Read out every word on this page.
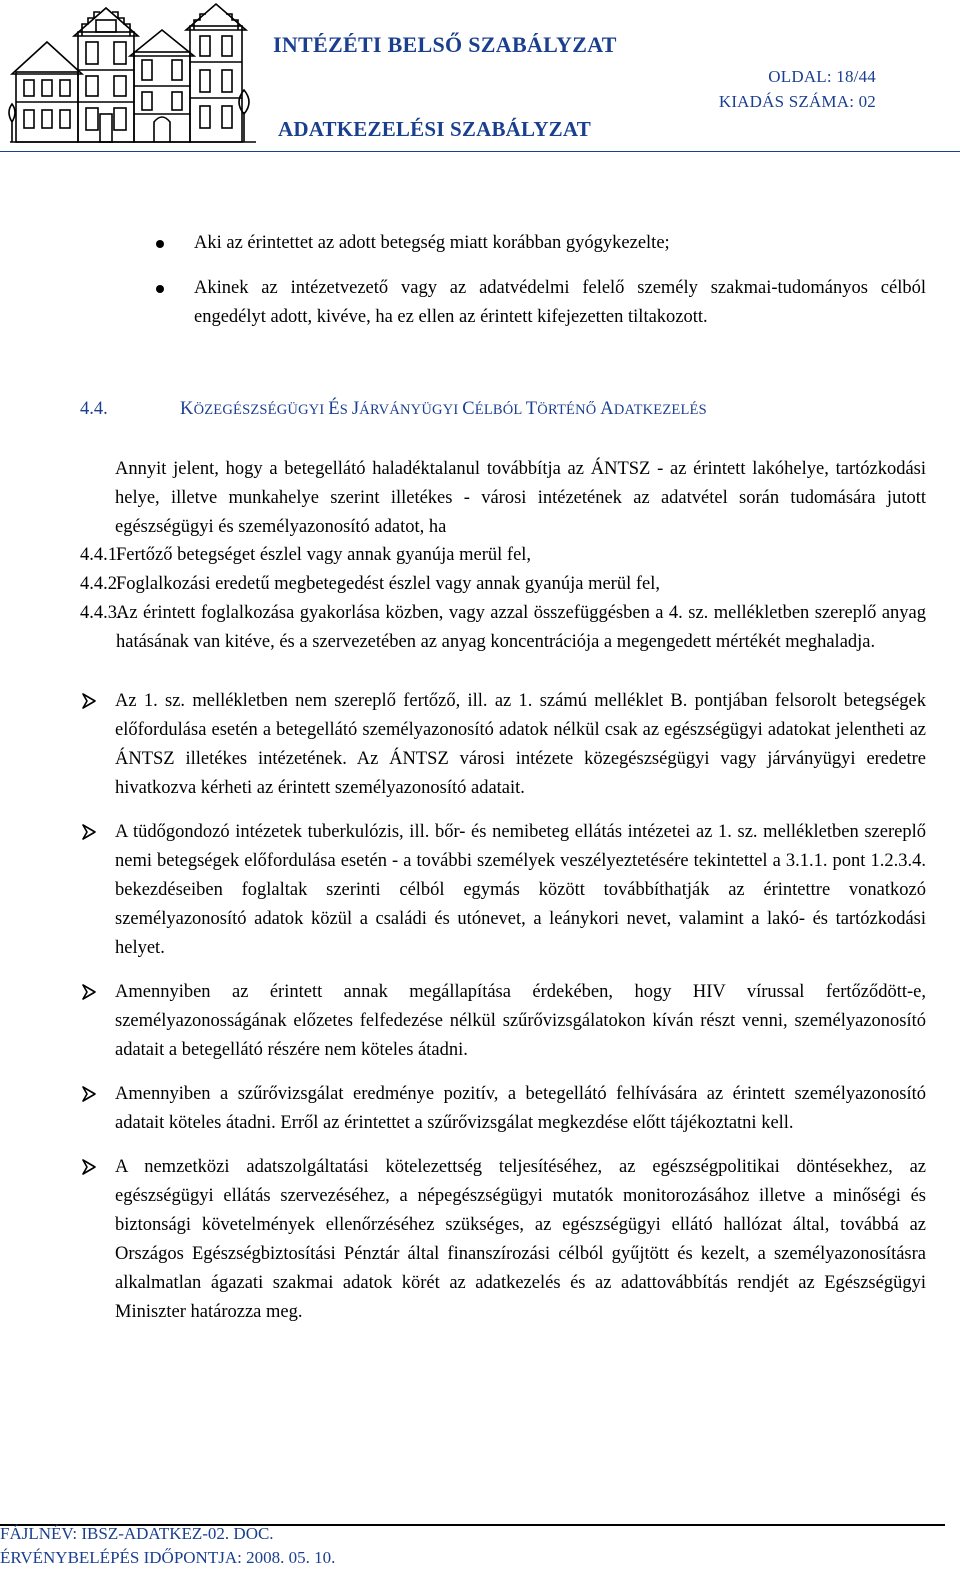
INTÉZÉTI BELSŐ SZABÁLYZAT
ADATKEZELÉSI SZABÁLYZAT
OLDAL: 18/44
KIADÁS SZÁMA: 02
Aki az érintettet az adott betegség miatt korábban gyógykezelte;
Akinek az intézetvezető vagy az adatvédelmi felelő személy szakmai-tudományos célból engedélyt adott, kivéve, ha ez ellen az érintett kifejezetten tiltakozott.
4.4.	KÖZEGÉSZSÉGÜGYI ÉS JÁRVÁNYÜGYI CÉLBÓL TÖRTÉNŐ ADATKEZELÉS

Annyit jelent, hogy a betegellátó haladéktalanul továbbítja az ÁNTSZ - az érintett lakóhelye, tartózkodási helye, illetve munkahelye szerint illetékes - városi intézetének az adatvétel során tudomására jutott egészségügyi és személyazonosító adatot, ha

4.4.1.
Fertőző betegséget észlel vagy annak gyanúja merül fel,
4.4.2.
Foglalkozási eredetű megbetegedést észlel vagy annak gyanúja merül fel,
4.4.3.
Az érintett foglalkozása gyakorlása közben, vagy azzal összefüggésben a 4. sz. mellékletben szereplő anyag hatásának van kitéve, és a szervezetében az anyag koncentrációja a megengedett mértékét meghaladja.
Az 1. sz. mellékletben nem szereplő fertőző, ill. az 1. számú melléklet B. pontjában felsorolt betegségek előfordulása esetén a betegellátó személyazonosító adatok nélkül csak az egészségügyi adatokat jelentheti az ÁNTSZ illetékes intézetének. Az ÁNTSZ városi intézete közegészségügyi vagy járványügyi eredetre hivatkozva kérheti az érintett személyazonosító adatait.
A tüdőgondozó intézetek tuberkulózis, ill. bőr- és nemibeteg ellátás intézetei az 1. sz. mellékletben szereplő nemi betegségek előfordulása esetén - a további személyek veszélyeztetésére tekintettel a 3.1.1. pont 1.2.3.4. bekezdéseiben foglaltak szerinti célból egymás között továbbíthatják az érintettre vonatkozó személyazonosító adatok közül a családi és utónevet, a leánykori nevet, valamint a lakó- és tartózkodási helyet.
Amennyiben az érintett annak megállapítása érdekében, hogy HIV vírussal fertőződött-e, személyazonosságának előzetes felfedezése nélkül szűrővizsgálatokon kíván részt venni, személyazonosító adatait a betegellátó részére nem köteles átadni.
Amennyiben a szűrővizsgálat eredménye pozitív, a betegellátó felhívására az érintett személyazonosító adatait köteles átadni. Erről az érintettet a szűrővizsgálat megkezdése előtt tájékoztatni kell.
A nemzetközi adatszolgáltatási kötelezettség teljesítéséhez, az egészségpolitikai döntésekhez, az egészségügyi ellátás szervezéséhez, a népegészségügyi mutatók monitorozásához illetve a minőségi és biztonsági követelmények ellenőrzéséhez szükséges, az egészségügyi ellátó hallózat által, továbbá az Országos Egészségbiztosítási Pénztár által finanszírozási célból gyűjtött és kezelt, a személyazonosításra alkalmatlan ágazati szakmai adatok körét az adatkezelés és az adattovábbítás rendjét az Egészségügyi Miniszter határozza meg.
FÁJLNÉV: IBSZ-ADATKEZ-02. DOC.
ÉRVÉNYBELÉPÉS IDŐPONTJA: 2008. 05. 10.
